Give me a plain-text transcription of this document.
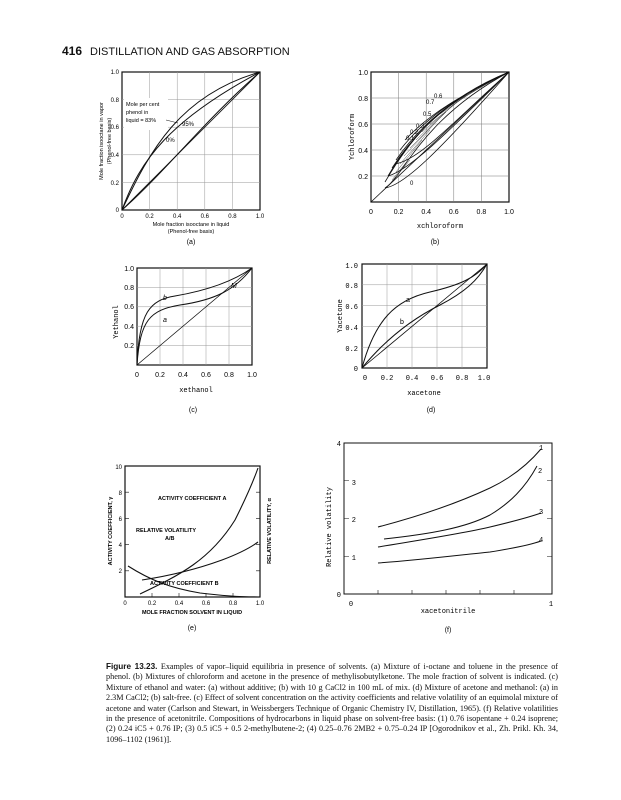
416 DISTILLATION AND GAS ABSORPTION
Mole per cent
phenol in
liquid = 83%
95%
0%
0	0.2	0.4	0.6	0.8	1.0
1.0
0.8
0.6
0.4
0.2
0
Mole fraction isooctane in liquid
(Phenol-free basis)
Mole fraction isooctane in vapor (Phenol-free basis)
(a)
0.7
0.6
0.5
0.3
0.2
0.1
0
0	0.2	0.4	0.6	0.8	1.0
1.0
0.8
0.6
0.4
0.2
xchloroform
Ychloroform
(b)
b
a
M
0 0.2 0.4 0.6 0.8 1.0
1.0
0.8
0.6
0.4
0.2
xethanol
Yethanol
(c)
a
b
0 0.2 0.4 0.6 0.8 1.0
1.0
0.8
0.6
0.4
0.2
0
xacetone
Yacetone
(d)
ACTIVITY COEFFICIENT A
RELATIVE VOLATILITY
A/B
ACTIVITY COEFFICIENT B
0	0.2	0.4	0.6	0.8	1.0
10
8
6
4
2
MOLE FRACTION SOLVENT IN LIQUID
ACTIVITY COEFFICIENT, γ	RELATIVE VOLATILITY, α
(e)
1
2
3
4
0	1
4
3
2
1
0
xacetonitrile
Relative volatility
(f)
Figure 13.23. Examples of vapor–liquid equilibria in presence of solvents. (a) Mixture of i-octane and toluene in the presence of phenol. (b) Mixtures of chloroform and acetone in the presence of methylisobutylketone. The mole fraction of solvent is indicated. (c) Mixture of ethanol and water: (a) without additive; (b) with 10 g CaCl2 in 100 mL of mix. (d) Mixture of acetone and methanol: (a) in 2.3M CaCl2; (b) salt-free. (c) Effect of solvent concentration on the activity coefficients and relative volatility of an equimolal mixture of acetone and water (Carlson and Stewart, in Weissbergers Technique of Organic Chemistry IV, Distillation, 1965). (f) Relative volatilities in the presence of acetonitrile. Compositions of hydrocarbons in liquid phase on solvent-free basis: (1) 0.76 isopentane + 0.24 isoprene; (2) 0.24 iC5 + 0.76 IP; (3) 0.5 iC5 + 0.5 2-methylbutene-2; (4) 0.25–0.76 2MB2 + 0.75–0.24 IP [Ogorodnikov et al., Zh. Prikl. Kh. 34, 1096–1102 (1961)].
